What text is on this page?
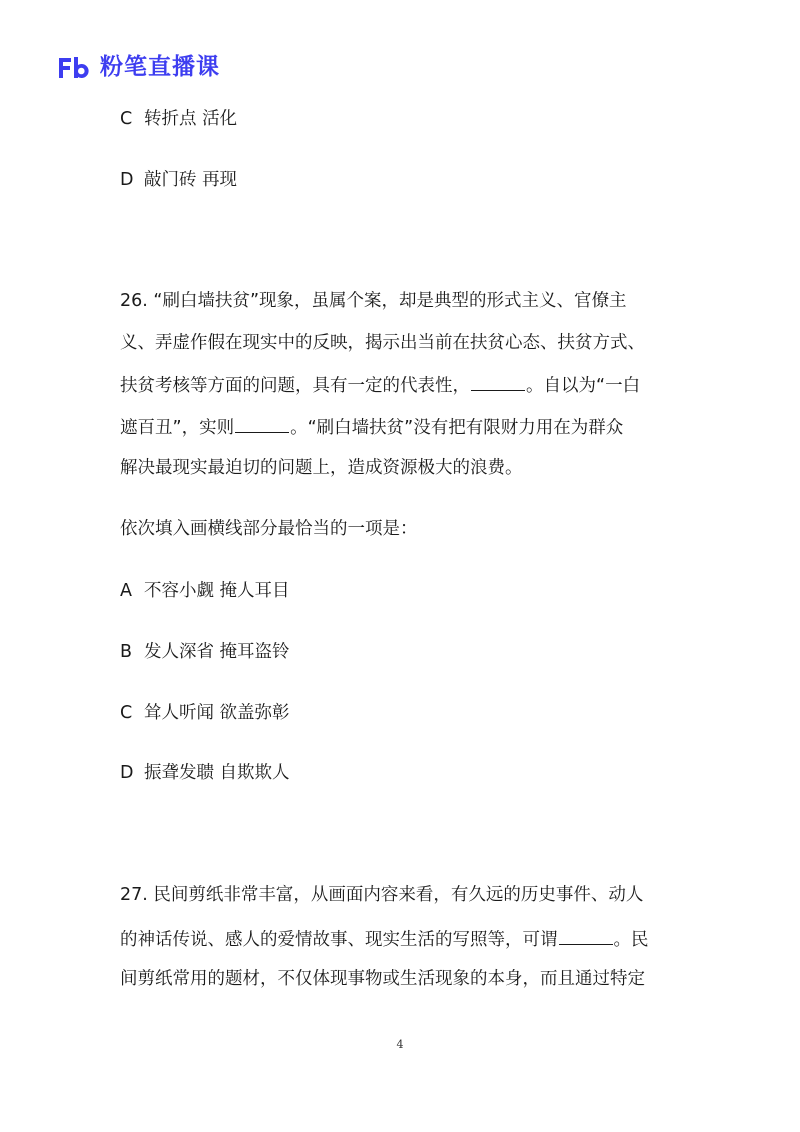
粉笔直播课
C 转折点 活化
D 敲门砖 再现
26. “刷白墙扶贫”现象，虽属个案，却是典型的形式主义、官僚主
义、弄虚作假在现实中的反映，揭示出当前在扶贫心态、扶贫方式、
扶贫考核等方面的问题，具有一定的代表性，	。自以为“一白
遮百丑”，实则	。“刷白墙扶贫”没有把有限财力用在为群众
解决最现实最迫切的问题上，造成资源极大的浪费。
依次填入画横线部分最恰当的一项是：
A 不容小觑 掩人耳目
B 发人深省 掩耳盗铃
C 耸人听闻 欲盖弥彰
D 振聋发聩 自欺欺人
27. 民间剪纸非常丰富，从画面内容来看，有久远的历史事件、动人
的神话传说、感人的爱情故事、现实生活的写照等，可谓	。民
间剪纸常用的题材，不仅体现事物或生活现象的本身，而且通过特定
4
